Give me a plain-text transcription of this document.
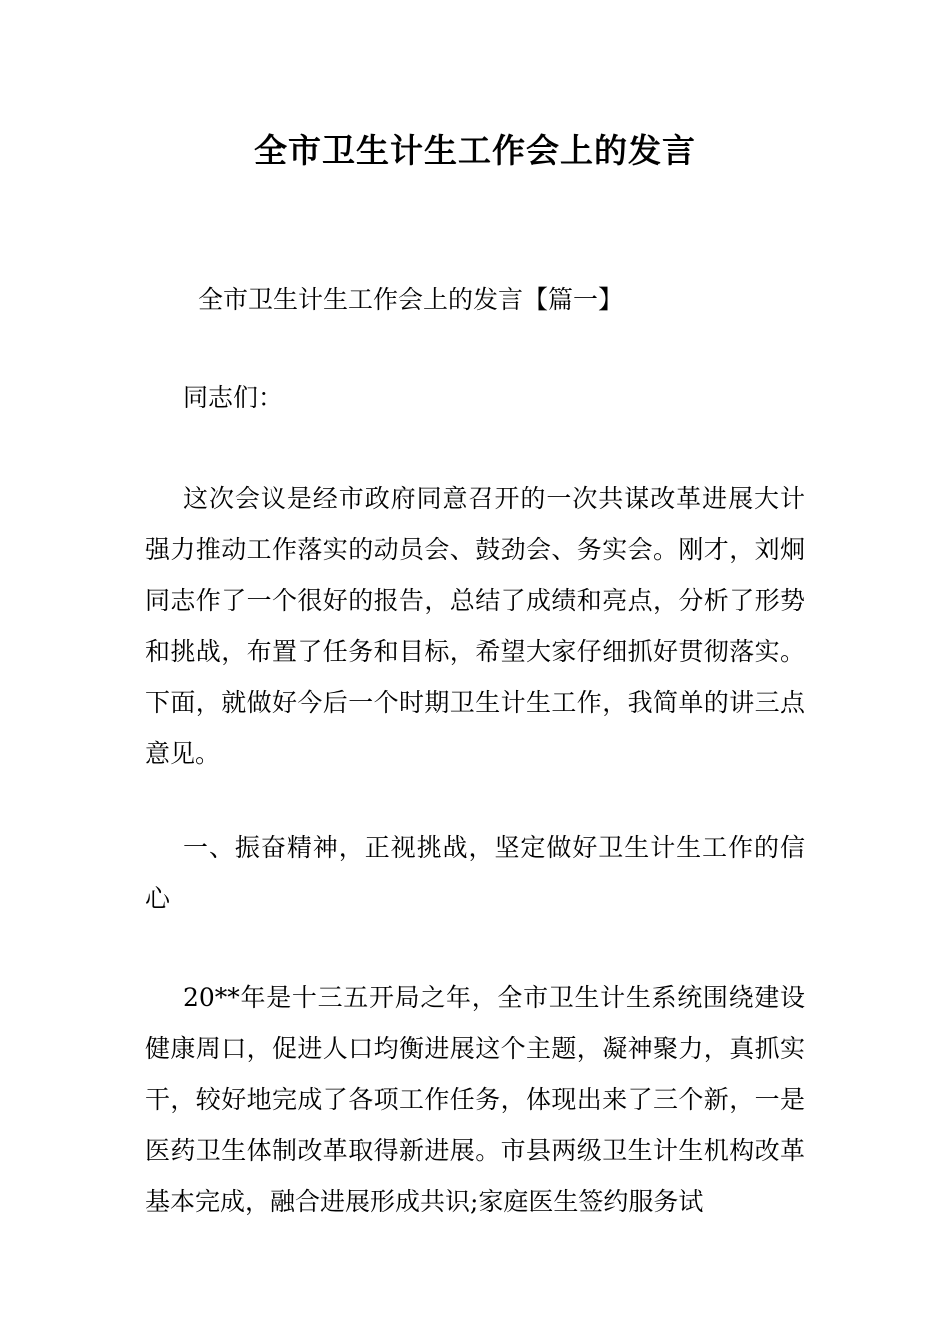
全市卫生计生工作会上的发言
全市卫生计生工作会上的发言【篇一】
同志们：

这次会议是经市政府同意召开的一次共谋改革进展大计强力推动工作落实的动员会、鼓劲会、务实会。刚才，刘炯同志作了一个很好的报告，总结了成绩和亮点，分析了形势和挑战，布置了任务和目标，希望大家仔细抓好贯彻落实。下面，就做好今后一个时期卫生计生工作，我简单的讲三点意见。

一、振奋精神，正视挑战，坚定做好卫生计生工作的信心

20**年是十三五开局之年，全市卫生计生系统围绕建设健康周口，促进人口均衡进展这个主题，凝神聚力，真抓实干，较好地完成了各项工作任务，体现出来了三个新，一是医药卫生体制改革取得新进展。市县两级卫生计生机构改革基本完成，融合进展形成共识;家庭医生签约服务试
